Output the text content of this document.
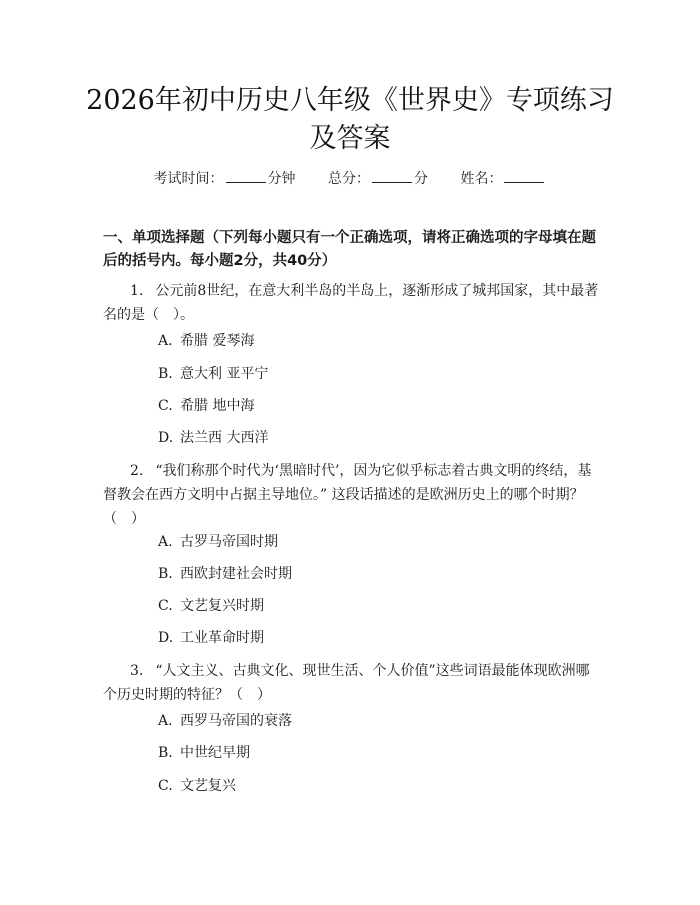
2026年初中历史八年级《世界史》专项练习
及答案
考试时间：	分钟 总分：	分 姓名：
一、单项选择题（下列每小题只有一个正确选项，请将正确选项的字母填在题后的括号内。每小题2分，共40分）
1. 公元前8世纪，在意大利半岛的半岛上，逐渐形成了城邦国家，其中最著名的是（　）。
A. 希腊 爱琴海
B. 意大利 亚平宁
C. 希腊 地中海
D. 法兰西 大西洋
2. “我们称那个时代为‘黑暗时代’，因为它似乎标志着古典文明的终结，基督教会在西方文明中占据主导地位。” 这段话描述的是欧洲历史上的哪个时期？（　）
A. 古罗马帝国时期
B. 西欧封建社会时期
C. 文艺复兴时期
D. 工业革命时期
3. “人文主义、古典文化、现世生活、个人价值”这些词语最能体现欧洲哪个历史时期的特征？（　）
A. 西罗马帝国的衰落
B. 中世纪早期
C. 文艺复兴
